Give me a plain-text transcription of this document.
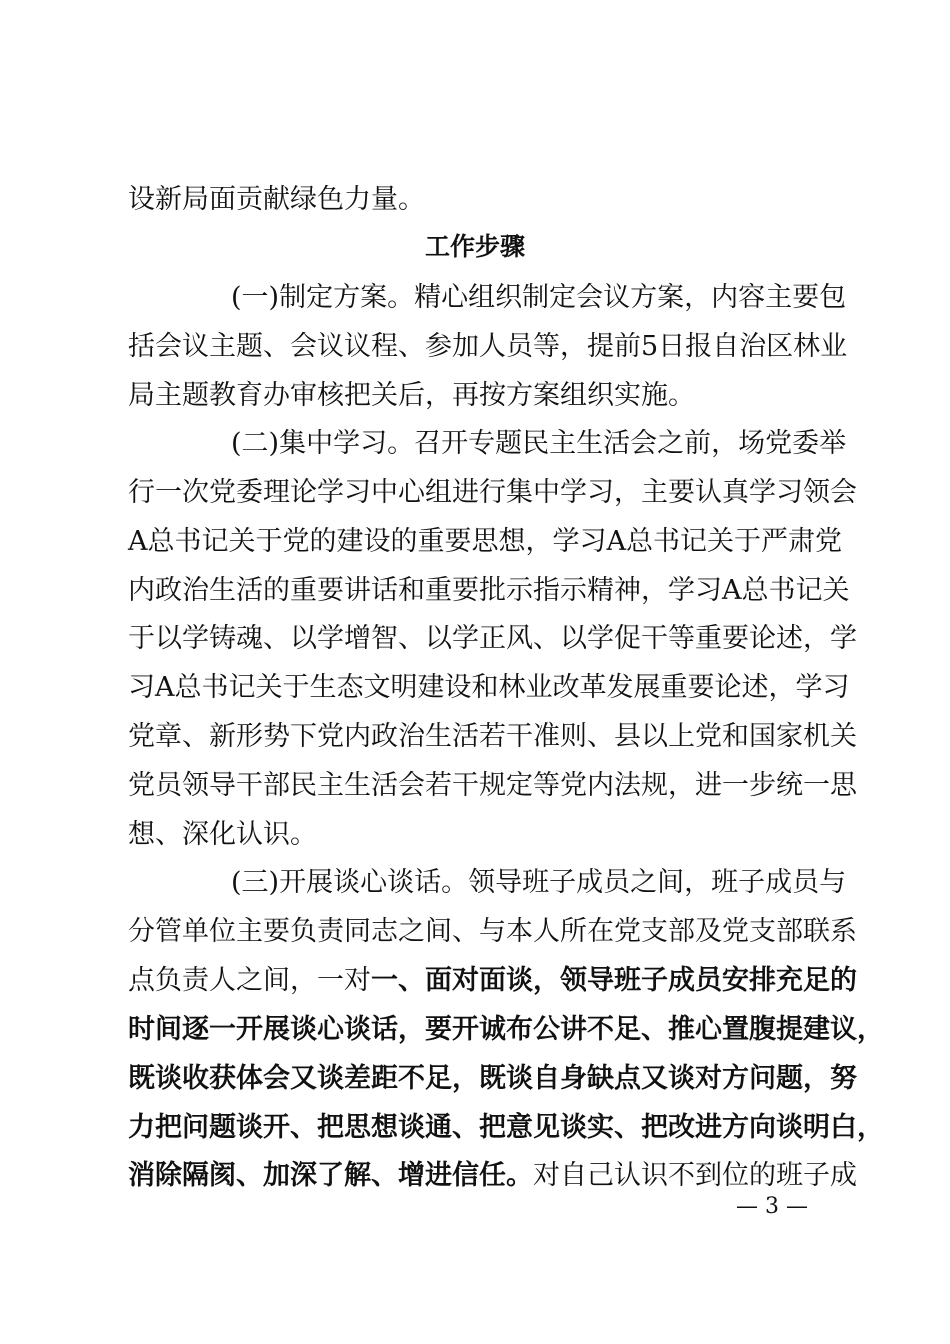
设新局面贡献绿色力量。
工作步骤
(一)制定方案。精心组织制定会议方案，内容主要包
括会议主题、会议议程、参加人员等，提前5日报自治区林业
局主题教育办审核把关后，再按方案组织实施。
(二)集中学习。召开专题民主生活会之前，场党委举
行一次党委理论学习中心组进行集中学习，主要认真学习领会
A总书记关于党的建设的重要思想，学习A总书记关于严肃党
内政治生活的重要讲话和重要批示指示精神，学习A总书记关
于以学铸魂、以学增智、以学正风、以学促干等重要论述，学
习A总书记关于生态文明建设和林业改革发展重要论述，学习
党章、新形势下党内政治生活若干准则、县以上党和国家机关
党员领导干部民主生活会若干规定等党内法规，进一步统一思
想、深化认识。
(三)开展谈心谈话。领导班子成员之间，班子成员与
分管单位主要负责同志之间、与本人所在党支部及党支部联系
点负责人之间，一对一、面对面谈，领导班子成员安排充足的
时间逐一开展谈心谈话，要开诚布公讲不足、推心置腹提建议，
既谈收获体会又谈差距不足，既谈自身缺点又谈对方问题，努
力把问题谈开、把思想谈通、把意见谈实、把改进方向谈明白，
消除隔阂、加深了解、增进信任。对自己认识不到位的班子成
— 3 —
